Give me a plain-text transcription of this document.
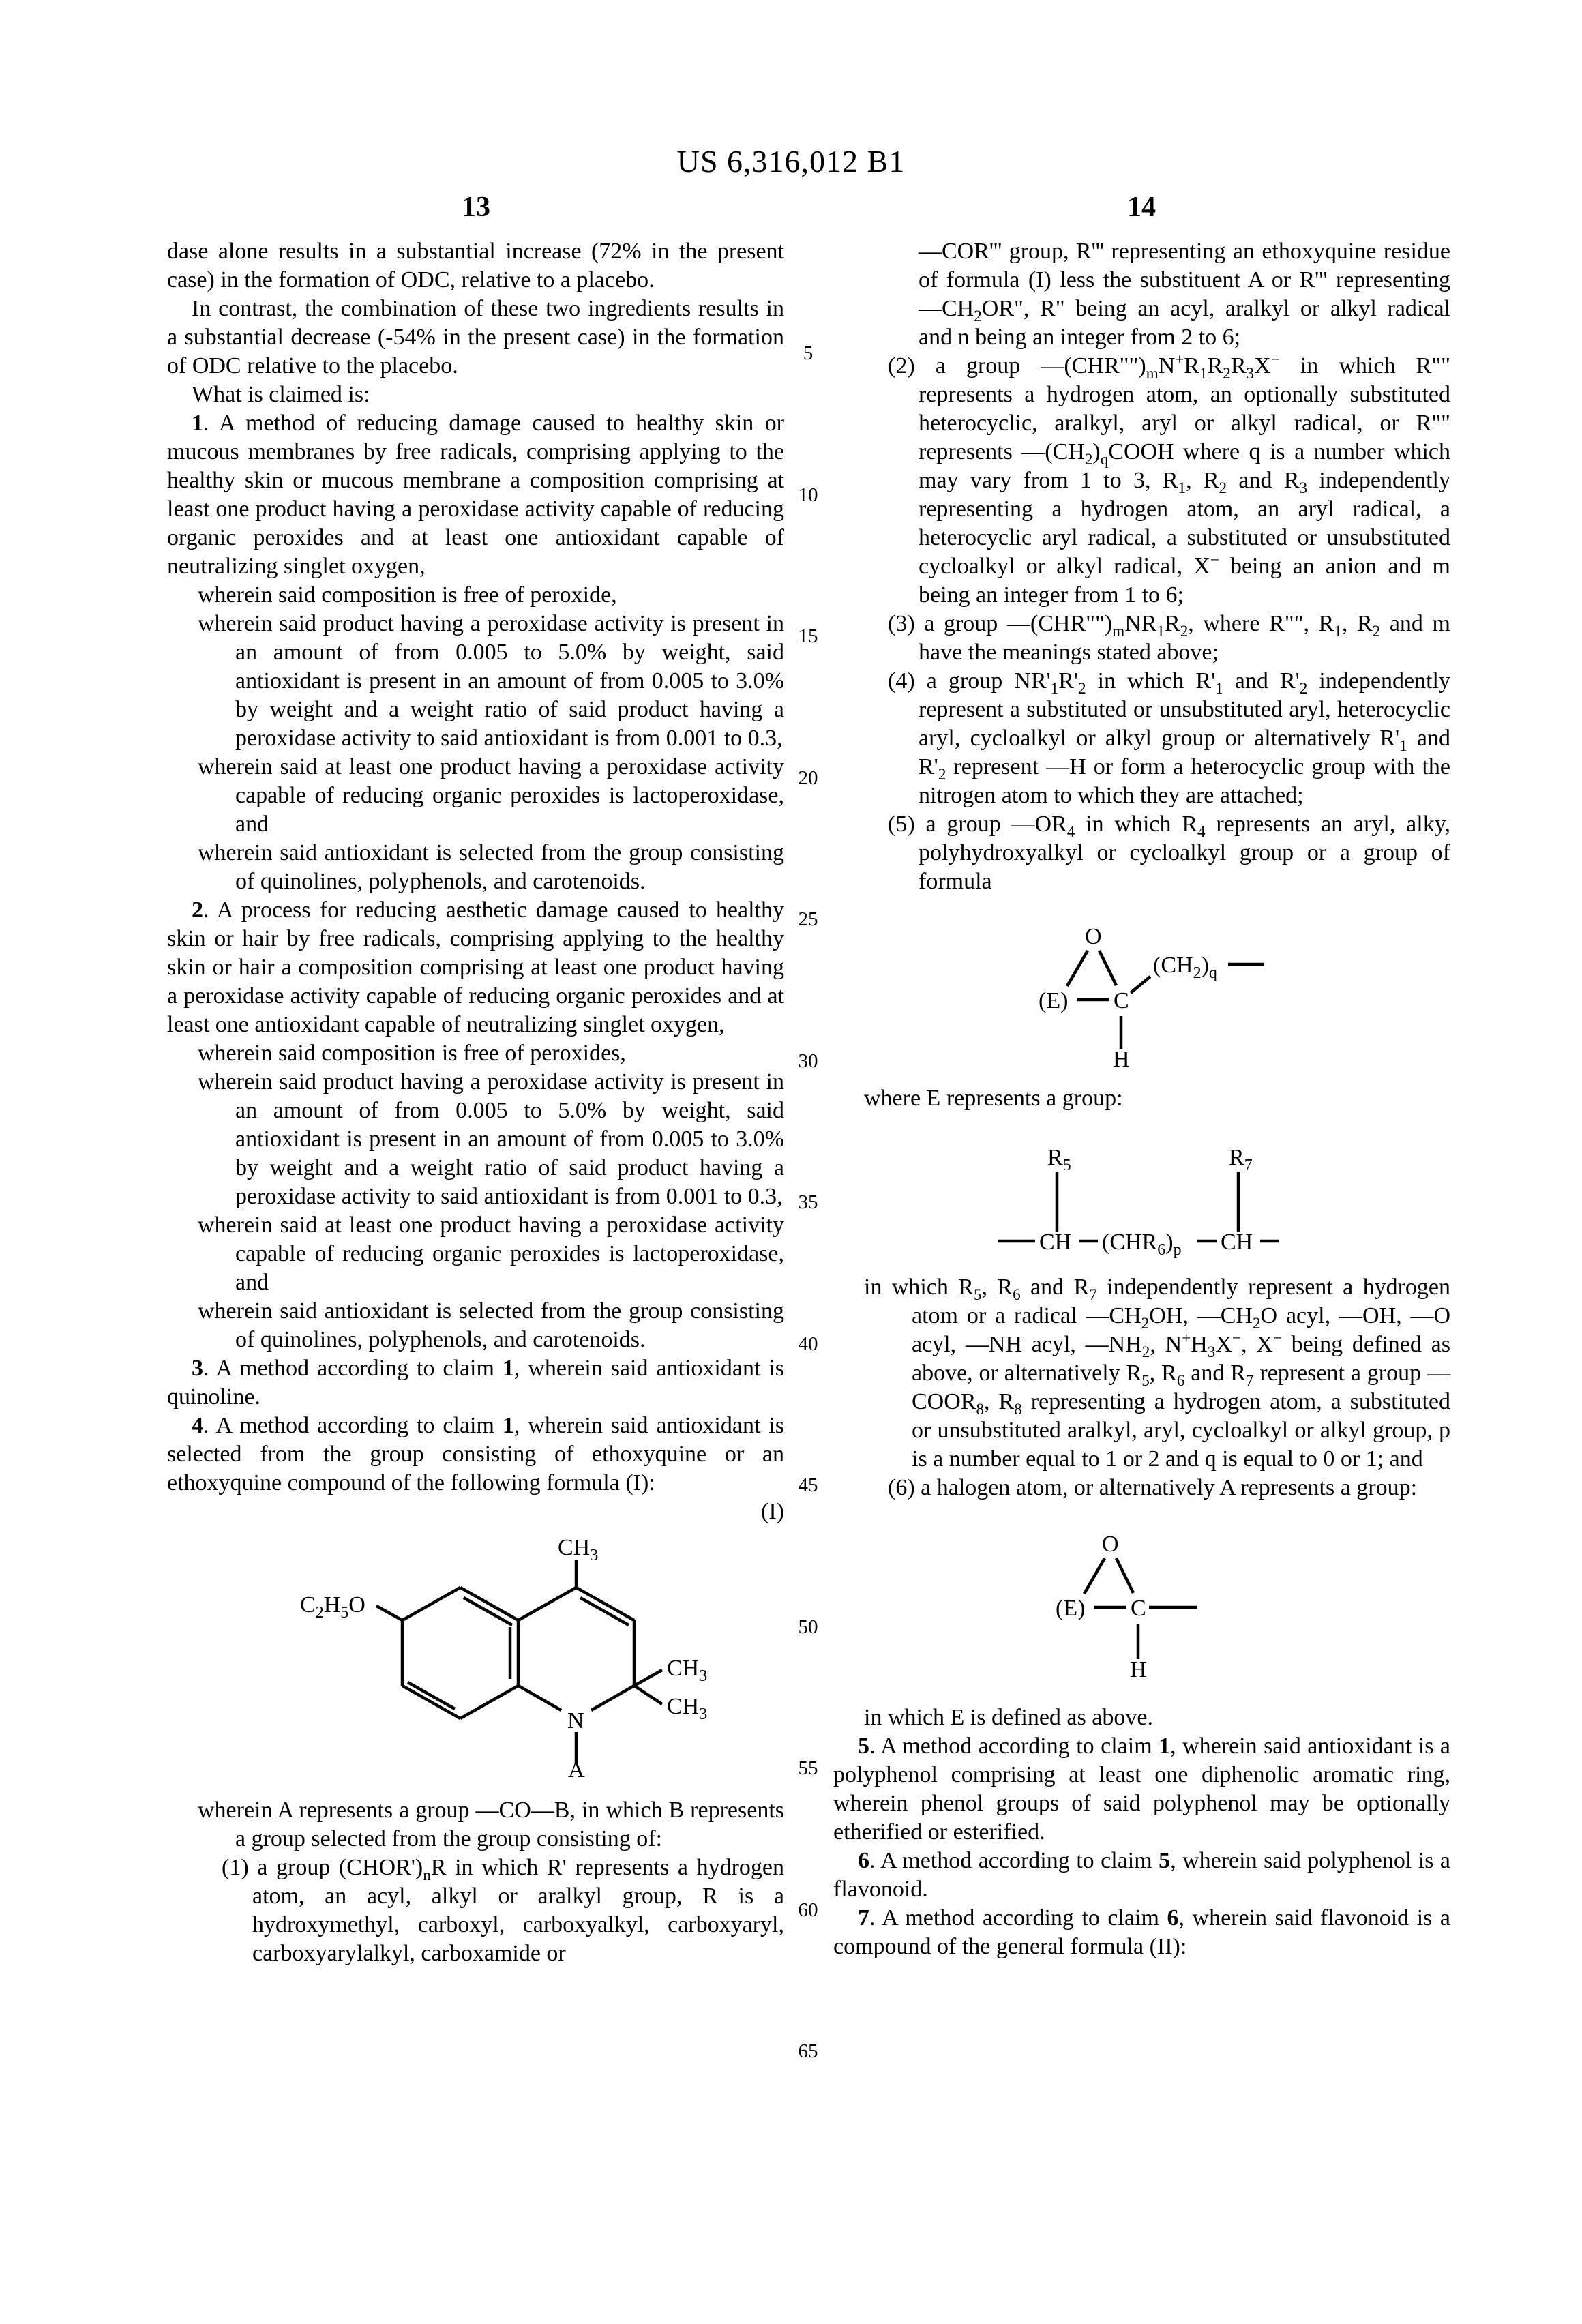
US 6,316,012 B1
13	14
5
10
15
20
25
30
35
40
45
50
55
60
65
dase alone results in a substantial increase (72% in the present case) in the formation of ODC, relative to a placebo.
In contrast, the combination of these two ingredients results in a substantial decrease (-54% in the present case) in the formation of ODC relative to the placebo.
What is claimed is:
1. A method of reducing damage caused to healthy skin or mucous membranes by free radicals, comprising applying to the healthy skin or mucous membrane a composition comprising at least one product having a peroxidase activity capable of reducing organic peroxides and at least one antioxidant capable of neutralizing singlet oxygen,
wherein said composition is free of peroxide,
wherein said product having a peroxidase activity is present in an amount of from 0.005 to 5.0% by weight, said antioxidant is present in an amount of from 0.005 to 3.0% by weight and a weight ratio of said product having a peroxidase activity to said antioxidant is from 0.001 to 0.3,
wherein said at least one product having a peroxidase activity capable of reducing organic peroxides is lactoperoxidase, and
wherein said antioxidant is selected from the group consisting of quinolines, polyphenols, and carotenoids.
2. A process for reducing aesthetic damage caused to healthy skin or hair by free radicals, comprising applying to the healthy skin or hair a composition comprising at least one product having a peroxidase activity capable of reducing organic peroxides and at least one antioxidant capable of neutralizing singlet oxygen,
wherein said composition is free of peroxides,
wherein said product having a peroxidase activity is present in an amount of from 0.005 to 5.0% by weight, said antioxidant is present in an amount of from 0.005 to 3.0% by weight and a weight ratio of said product having a peroxidase activity to said antioxidant is from 0.001 to 0.3,
wherein said at least one product having a peroxidase activity capable of reducing organic peroxides is lactoperoxidase, and
wherein said antioxidant is selected from the group consisting of quinolines, polyphenols, and carotenoids.
3. A method according to claim 1, wherein said antioxidant is quinoline.
4. A method according to claim 1, wherein said antioxidant is selected from the group consisting of ethoxyquine or an ethoxyquine compound of the following formula (I):
(I)
$C_2H_5O$
$CH_3$
$CH_3$
$CH_3$
N
A
wherein A represents a group —CO—B, in which B represents a group selected from the group consisting of:
(1) a group $(CHOR')_nR$ in which R' represents a hydrogen atom, an acyl, alkyl or aralkyl group, R is a hydroxymethyl, carboxyl, carboxyalkyl, carboxyaryl, carboxyarylalkyl, carboxamide or
—COR''' group, R''' representing an ethoxyquine residue of formula (I) less the substituent A or R''' representing $—CH_2OR$", R" being an acyl, aralkyl or alkyl radical and n being an integer from 2 to 6;
(2) a group $—(CHR"")_mN^+R_1R_2R_3X^-$ in which R"" represents a hydrogen atom, an optionally substituted heterocyclic, aralkyl, aryl or alkyl radical, or R"" represents $—(CH_2)_qCOOH$ where q is a number which may vary from 1 to 3, $R_1$, $R_2$ and $R_3$ independently representing a hydrogen atom, an aryl radical, a heterocyclic aryl radical, a substituted or unsubstituted cycloalkyl or alkyl radical, X− being an anion and m being an integer from 1 to 6;
(3) a group $—(CHR"")_mNR_1R_2$, where R"", $R_1$, $R_2$ and m have the meanings stated above;
(4) a group $NR'_1R'_2$ in which $R'_1$ and $R'_2$ independently represent a substituted or unsubstituted aryl, heterocyclic aryl, cycloalkyl or alkyl group or alternatively $R'_1$ and $R'_2$ represent —H or form a heterocyclic group with the nitrogen atom to which they are attached;
(5) a group $—OR_4$ in which $R_4$ represents an aryl, alky, polyhydroxyalkyl or cycloalkyl group or a group of formula
O
(E) C
$(CH_2)_q$
H
where E represents a group:
$R_5$	$R_7$
CH $(CHR_6)_p$ CH
in which $R_5$, $R_6$ and $R_7$ independently represent a hydrogen atom or a radical $—CH_2OH$, $—CH_2O$ acyl, —OH, —O acyl, —NH acyl, $—NH_2$, $N^+H_3X^-$, X− being defined as above, or alternatively $R_5$, $R_6$ and $R_7$ represent a group $—COOR_8$, $R_8$ representing a hydrogen atom, a substituted or unsubstituted aralkyl, aryl, cycloalkyl or alkyl group, p is a number equal to 1 or 2 and q is equal to 0 or 1; and
(6) a halogen atom, or alternatively A represents a group:
O
(E) C
H
in which E is defined as above.
5. A method according to claim 1, wherein said antioxidant is a polyphenol comprising at least one diphenolic aromatic ring, wherein phenol groups of said polyphenol may be optionally etherified or esterified.
6. A method according to claim 5, wherein said polyphenol is a flavonoid.
7. A method according to claim 6, wherein said flavonoid is a compound of the general formula (II):
